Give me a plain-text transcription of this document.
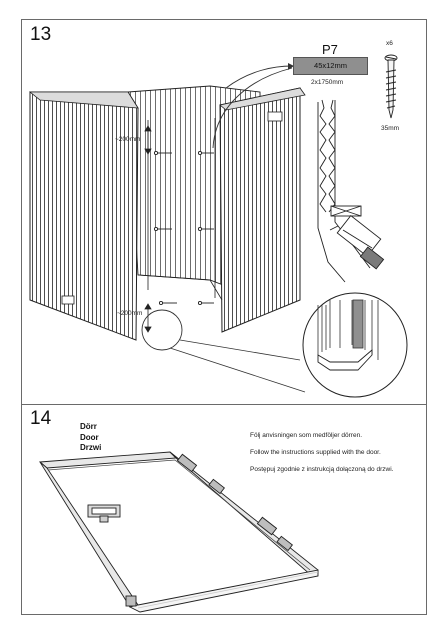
13
P7
45x12mm
2x1750mm
x6
35mm
~200mm
~200mm
14	Dörr
Door
Drzwi
Följ anvisningen som medföljer dörren.
Follow the instructions supplied with the door.
Postępuj zgodnie z instrukcją dołączoną do drzwi.
